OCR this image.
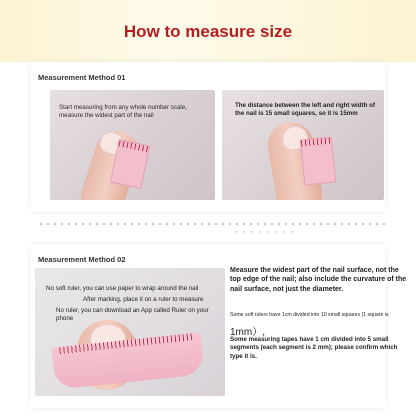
How to measure size
Measurement Method 01
Start measuring from any whole number scale, measure the widest part of the nail
The distance between the left and right width of the nail is 15 small squares, so it is 15mm
Measurement Method 02
No soft ruler, you can use paper to wrap around the nail
After marking, place it on a ruler to measure
No ruler, you can download an App called Ruler on your phone
Measure the widest part of the nail surface, not the top edge of the nail; also include the curvature of the nail surface, not just the diameter.
Some soft rulers have 1cm divided into 10 small squares (1 square is
1mm）,
Some measuring tapes have 1 cm divided into 5 small segments (each segment is 2 mm); please confirm which type it is.
